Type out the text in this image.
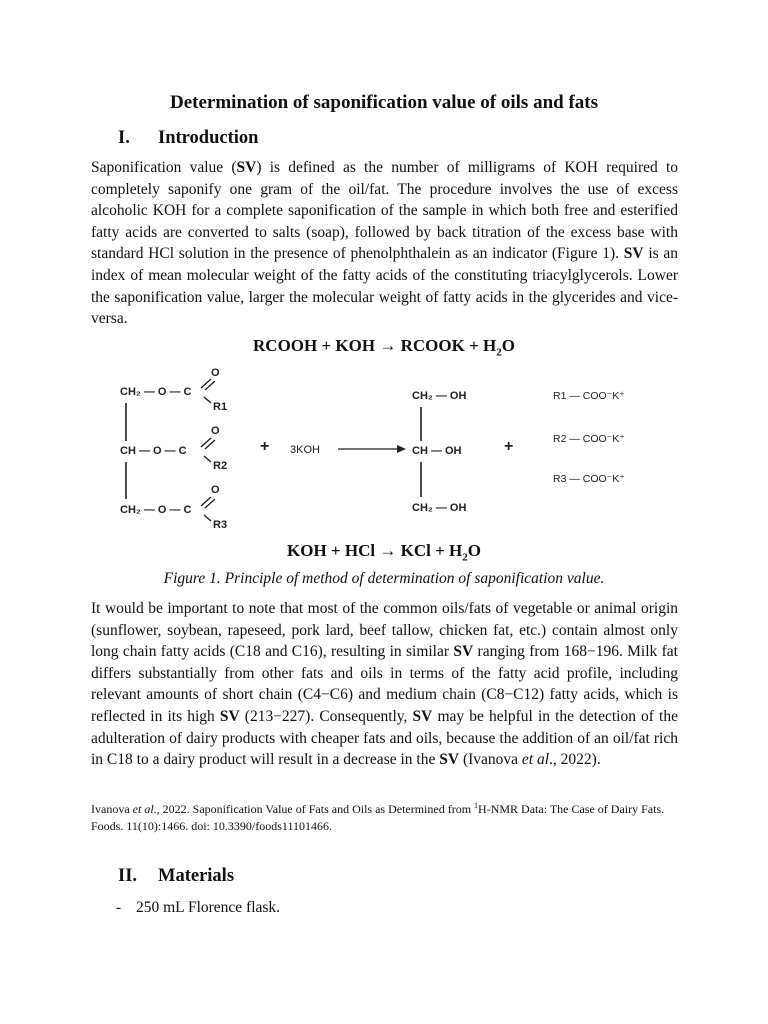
Determination of saponification value of oils and fats
I. Introduction

Saponification value (SV) is defined as the number of milligrams of KOH required to completely saponify one gram of the oil/fat. The procedure involves the use of excess alcoholic KOH for a complete saponification of the sample in which both free and esterified fatty acids are converted to salts (soap), followed by back titration of the excess base with standard HCl solution in the presence of phenolphthalein as an indicator (Figure 1). SV is an index of mean molecular weight of the fatty acids of the constituting triacylglycerols. Lower the saponification value, larger the molecular weight of fatty acids in the glycerides and vice-versa.

RCOOH + KOH → RCOOK + $H_2O$
CH₂ — O — C
CH — O — C
CH₂ — O — C
O
O
O
R1
R2
R3
+ 3KOH
CH₂ — OH
CH — OH
CH₂ — OH
+
R1 — COO⁻K⁺
R2 — COO⁻K⁺
R3 — COO⁻K⁺
KOH + HCl → KCl + $H_2O$
Figure 1. Principle of method of determination of saponification value.

It would be important to note that most of the common oils/fats of vegetable or animal origin (sunflower, soybean, rapeseed, pork lard, beef tallow, chicken fat, etc.) contain almost only long chain fatty acids (C18 and C16), resulting in similar SV ranging from 168−196. Milk fat differs substantially from other fats and oils in terms of the fatty acid profile, including relevant amounts of short chain (C4−C6) and medium chain (C8−C12) fatty acids, which is reflected in its high SV (213−227). Consequently, SV may be helpful in the detection of the adulteration of dairy products with cheaper fats and oils, because the addition of an oil/fat rich in C18 to a dairy product will result in a decrease in the SV (Ivanova et al., 2022).

Ivanova et al., 2022. Saponification Value of Fats and Oils as Determined from $^1$H-NMR Data: The Case of Dairy Fats. Foods. 11(10):1466. doi: 10.3390/foods11101466.

II. Materials
- 250 mL Florence flask.
